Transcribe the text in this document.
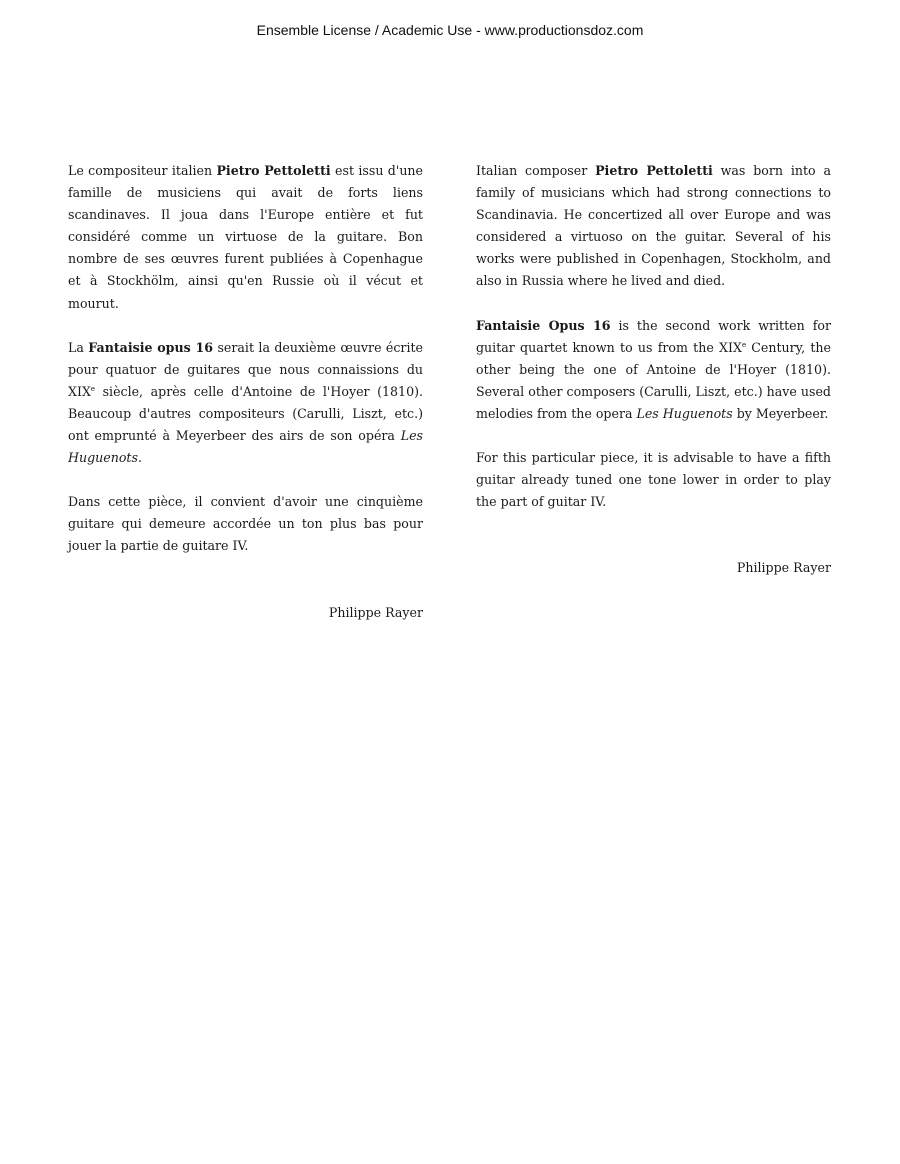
Ensemble License / Academic Use - www.productionsdoz.com

Le compositeur italien Pietro Pettoletti est issu d'une famille de musiciens qui avait de forts liens scandinaves. Il joua dans l'Europe entière et fut considéré comme un virtuose de la guitare. Bon nombre de ses œuvres furent publiées à Copenhague et à Stockhölm, ainsi qu'en Russie où il vécut et mourut.

La Fantaisie opus 16 serait la deuxième œuvre écrite pour quatuor de guitares que nous connaissions du XIXe siècle, après celle d'Antoine de l'Hoyer (1810). Beaucoup d'autres compositeurs (Carulli, Liszt, etc.) ont emprunté à Meyerbeer des airs de son opéra Les Huguenots.

Dans cette pièce, il convient d'avoir une cinquième guitare qui demeure accordée un ton plus bas pour jouer la partie de guitare IV.

Philippe Rayer

Italian composer Pietro Pettoletti was born into a family of musicians which had strong connections to Scandinavia. He concertized all over Europe and was considered a virtuoso on the guitar. Several of his works were published in Copenhagen, Stockholm, and also in Russia where he lived and died.

Fantaisie Opus 16 is the second work written for guitar quartet known to us from the XIXe Century, the other being the one of Antoine de l'Hoyer (1810). Several other composers (Carulli, Liszt, etc.) have used melodies from the opera Les Huguenots by Meyerbeer.

For this particular piece, it is advisable to have a fifth guitar already tuned one tone lower in order to play the part of guitar IV.

Philippe Rayer
